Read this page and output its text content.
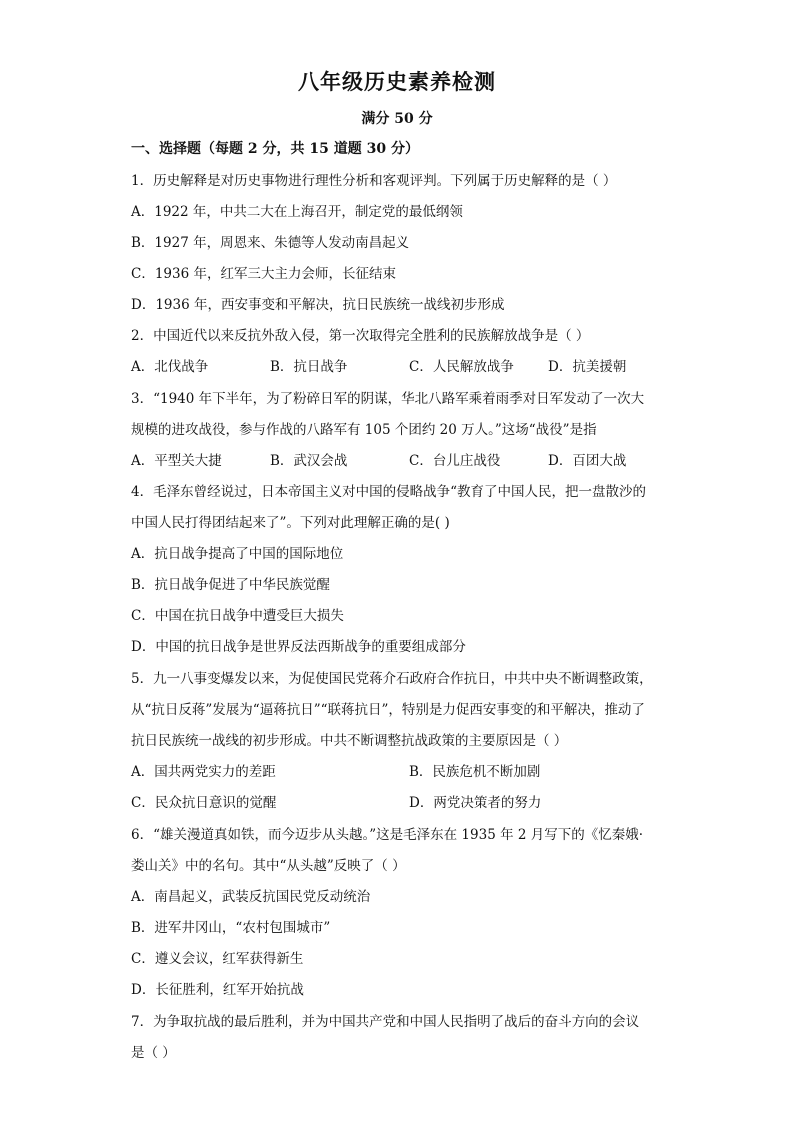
八年级历史素养检测
满分 50 分
一、选择题（每题 2 分，共 15 道题 30 分）
1．历史解释是对历史事物进行理性分析和客观评判。下列属于历史解释的是（ ）
A．1922 年，中共二大在上海召开，制定党的最低纲领
B．1927 年，周恩来、朱德等人发动南昌起义
C．1936 年，红军三大主力会师，长征结束
D．1936 年，西安事变和平解决，抗日民族统一战线初步形成
2．中国近代以来反抗外敌入侵，第一次取得完全胜利的民族解放战争是（ ）
A．北伐战争	B．抗日战争	C．人民解放战争	D．抗美援朝
3．“1940 年下半年，为了粉碎日军的阴谋，华北八路军乘着雨季对日军发动了一次大
规模的进攻战役，参与作战的八路军有 105 个团约 20 万人。”这场“战役”是指
A．平型关大捷	B．武汉会战	C．台儿庄战役	D．百团大战
4．毛泽东曾经说过，日本帝国主义对中国的侵略战争“教育了中国人民，把一盘散沙的
中国人民打得团结起来了”。下列对此理解正确的是( )
A．抗日战争提高了中国的国际地位
B．抗日战争促进了中华民族觉醒
C．中国在抗日战争中遭受巨大损失
D．中国的抗日战争是世界反法西斯战争的重要组成部分
5．九一八事变爆发以来，为促使国民党蒋介石政府合作抗日，中共中央不断调整政策，
从“抗日反蒋”发展为“逼蒋抗日”“联蒋抗日”，特别是力促西安事变的和平解决，推动了
抗日民族统一战线的初步形成。中共不断调整抗战政策的主要原因是（ ）
A．国共两党实力的差距	B．民族危机不断加剧
C．民众抗日意识的觉醒	D．两党决策者的努力
6．“雄关漫道真如铁，而今迈步从头越。”这是毛泽东在 1935 年 2 月写下的《忆秦娥·
娄山关》中的名句。其中“从头越”反映了（ ）
A．南昌起义，武装反抗国民党反动统治
B．进军井冈山，“农村包围城市”
C．遵义会议，红军获得新生
D．长征胜利，红军开始抗战
7．为争取抗战的最后胜利，并为中国共产党和中国人民指明了战后的奋斗方向的会议
是（ ）
